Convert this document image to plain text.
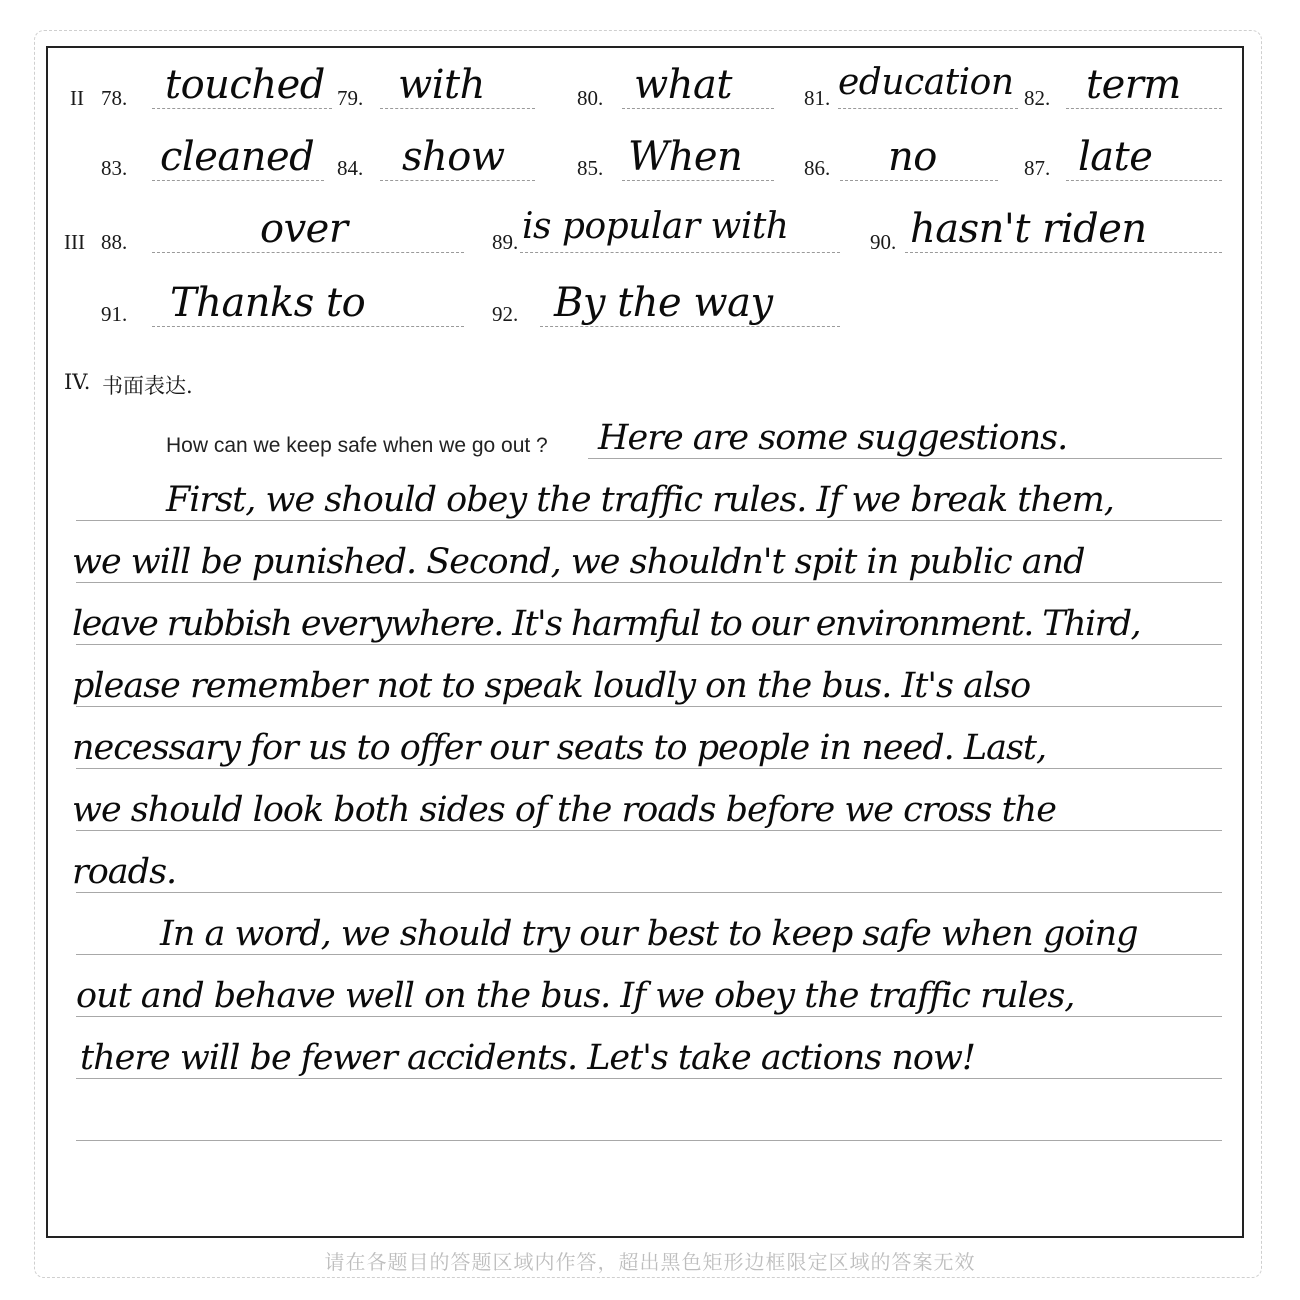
II 78. touched 79. with	80. what	81. education 82. term
83. cleaned 84. show	85. When	86. no	87. late
III 88.	over	89. is popular with	90. hasn't riden
91. Thanks to	92. By the way
IV. 书面表达.
How can we keep safe when we go out ? Here are some suggestions.
First, we should obey the traffic rules. If we break them,
we will be punished. Second, we shouldn't spit in public and
leave rubbish everywhere. It's harmful to our environment. Third,
please remember not to speak loudly on the bus. It's also
necessary for us to offer our seats to people in need. Last,
we should look both sides of the roads before we cross the
roads.
In a word, we should try our best to keep safe when going
out and behave well on the bus. If we obey the traffic rules,
there will be fewer accidents. Let's take actions now!
请在各题目的答题区域内作答，超出黑色矩形边框限定区域的答案无效
